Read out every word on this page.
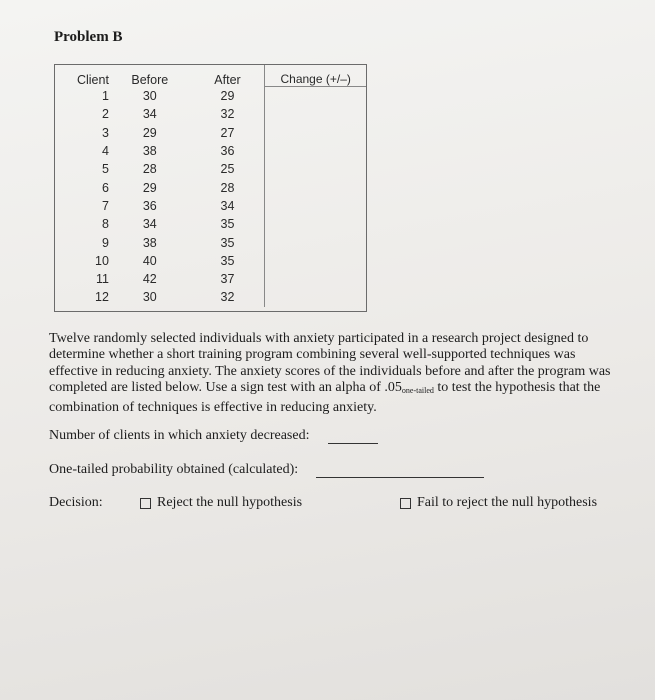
Problem B
Client	Before	After	Change (+/–)
1	30	29	
2	34	32	
3	29	27	
4	38	36	
5	28	25	
6	29	28	
7	36	34	
8	34	35	
9	38	35	
10	40	35	
11	42	37	
12	30	32	
Twelve randomly selected individuals with anxiety participated in a research project designed to determine whether a short training program combining several well-supported techniques was effective in reducing anxiety. The anxiety scores of the individuals before and after the program was completed are listed below. Use a sign test with an alpha of $.05_{one-tailed}$ to test the hypothesis that the combination of techniques is effective in reducing anxiety.
Number of clients in which anxiety decreased:
One-tailed probability obtained (calculated):
Decision:	Reject the null hypothesis	Fail to reject the null hypothesis
